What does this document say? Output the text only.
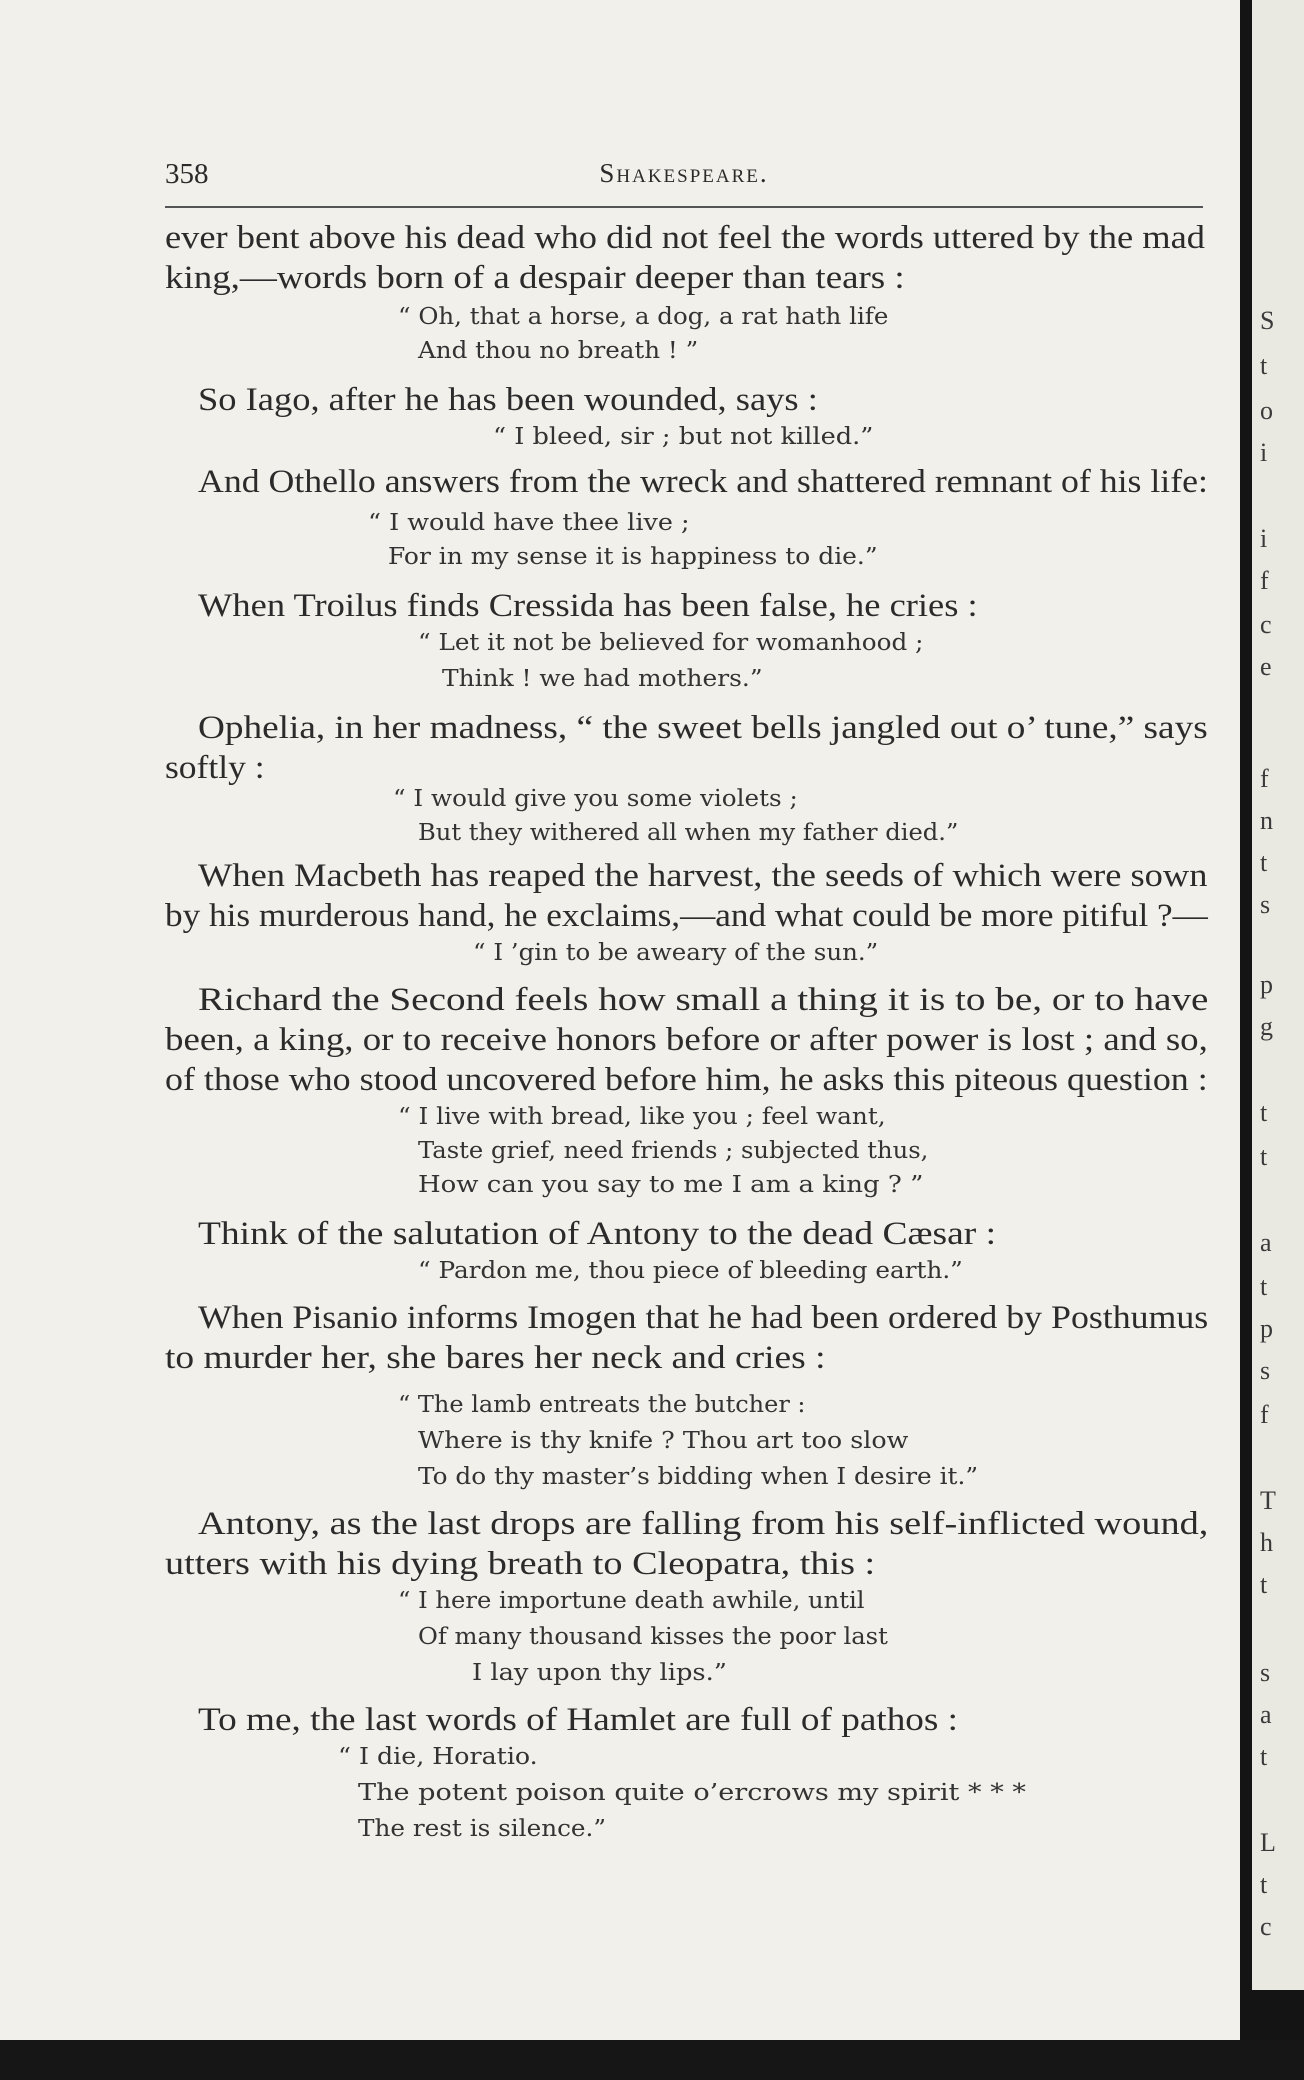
358	Shakespeare.
ever bent above his dead who did not feel the words uttered by the mad
king,—words born of a despair deeper than tears :
“ Oh, that a horse, a dog, a rat hath life
And thou no breath ! ”
So Iago, after he has been wounded, says :
“ I bleed, sir ; but not killed.”
And Othello answers from the wreck and shattered remnant of his life:
“ I would have thee live ;
For in my sense it is happiness to die.”
When Troilus finds Cressida has been false, he cries :
“ Let it not be believed for womanhood ;
Think ! we had mothers.”
Ophelia, in her madness, “ the sweet bells jangled out o’ tune,” says
softly :
“ I would give you some violets ;
But they withered all when my father died.”
When Macbeth has reaped the harvest, the seeds of which were sown
by his murderous hand, he exclaims,—and what could be more pitiful ?—
“ I ’gin to be aweary of the sun.”
Richard the Second feels how small a thing it is to be, or to have
been, a king, or to receive honors before or after power is lost ; and so,
of those who stood uncovered before him, he asks this piteous question :
“ I live with bread, like you ; feel want,
Taste grief, need friends ; subjected thus,
How can you say to me I am a king ? ”
Think of the salutation of Antony to the dead Cæsar :
“ Pardon me, thou piece of bleeding earth.”
When Pisanio informs Imogen that he had been ordered by Posthumus
to murder her, she bares her neck and cries :
“ The lamb entreats the butcher :
Where is thy knife ? Thou art too slow
To do thy master’s bidding when I desire it.”
Antony, as the last drops are falling from his self-inflicted wound,
utters with his dying breath to Cleopatra, this :
“ I here importune death awhile, until
Of many thousand kisses the poor last
I lay upon thy lips.”
To me, the last words of Hamlet are full of pathos :
“ I die, Horatio.
The potent poison quite o’ercrows my spirit * * *
The rest is silence.”
S
t
o
i
i
f
c
e
f
n
t
s
p
g
t
t
a
t
p
s
f
T
h
t
s
a
t
L
t
c
